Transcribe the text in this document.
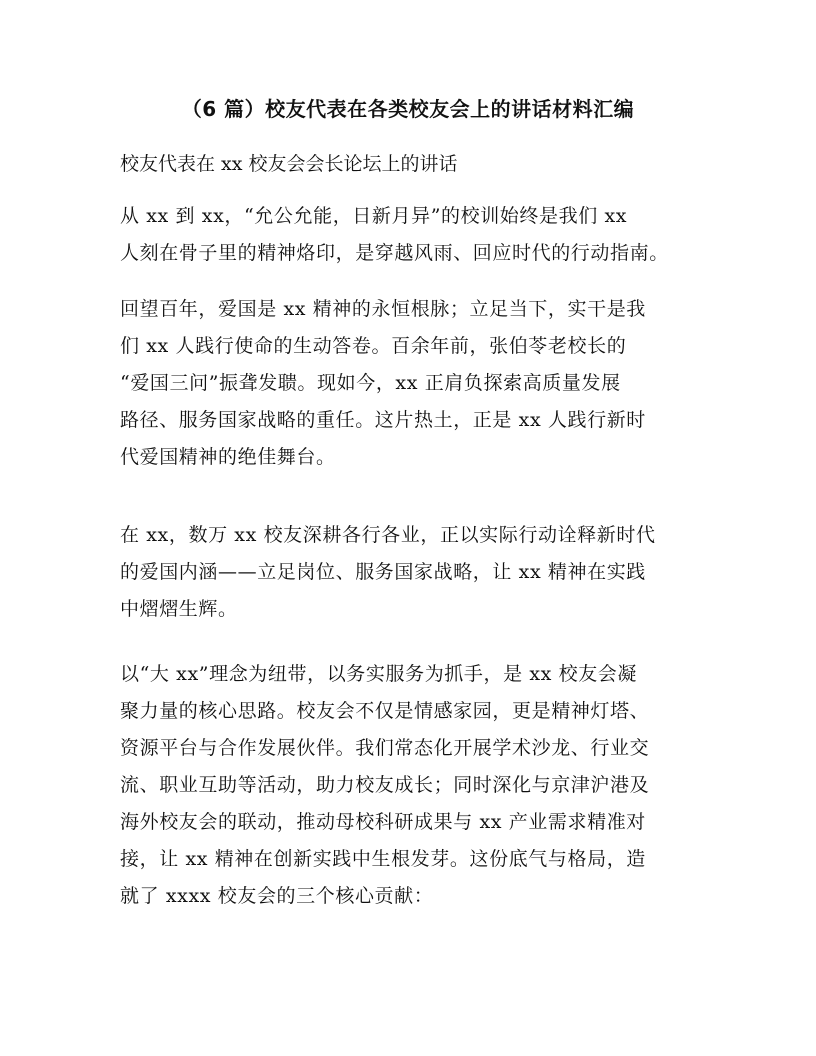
（6 篇）校友代表在各类校友会上的讲话材料汇编
校友代表在 xx 校友会会长论坛上的讲话
从 xx 到 xx，“允公允能，日新月异”的校训始终是我们 xx
人刻在骨子里的精神烙印，是穿越风雨、回应时代的行动指南。
回望百年，爱国是 xx 精神的永恒根脉；立足当下，实干是我
们 xx 人践行使命的生动答卷。百余年前，张伯苓老校长的
“爱国三问”振聋发聩。现如今，xx 正肩负探索高质量发展
路径、服务国家战略的重任。这片热土，正是 xx 人践行新时
代爱国精神的绝佳舞台。
在 xx，数万 xx 校友深耕各行各业，正以实际行动诠释新时代
的爱国内涵——立足岗位、服务国家战略，让 xx 精神在实践
中熠熠生辉。
以“大 xx”理念为纽带，以务实服务为抓手，是 xx 校友会凝
聚力量的核心思路。校友会不仅是情感家园，更是精神灯塔、
资源平台与合作发展伙伴。我们常态化开展学术沙龙、行业交
流、职业互助等活动，助力校友成长；同时深化与京津沪港及
海外校友会的联动，推动母校科研成果与 xx 产业需求精准对
接，让 xx 精神在创新实践中生根发芽。这份底气与格局，造
就了 xxxx 校友会的三个核心贡献：
